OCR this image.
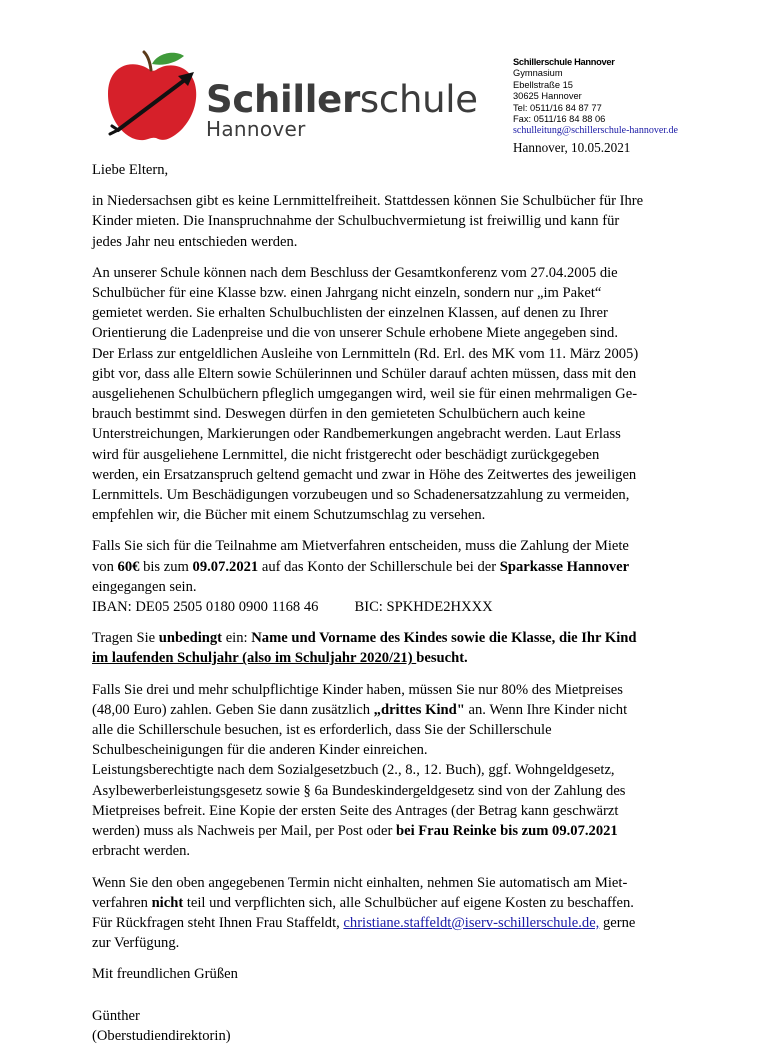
Schillerschule
Hannover
Schillerschule Hannover
Gymnasium
Ebellstraße 15
30625 Hannover
Tel: 0511/16 84 87 77
Fax: 0511/16 84 88 06
schulleitung@schillerschule-hannover.de
Hannover, 10.05.2021

Liebe Eltern,

in Niedersachsen gibt es keine Lernmittelfreiheit. Stattdessen können Sie Schulbücher für Ihre

Kinder mieten. Die Inanspruchnahme der Schulbuchvermietung ist freiwillig und kann für

jedes Jahr neu entschieden werden.

An unserer Schule können nach dem Beschluss der Gesamtkonferenz vom 27.04.2005 die

Schulbücher für eine Klasse bzw. einen Jahrgang nicht einzeln, sondern nur „im Paket“

gemietet werden. Sie erhalten Schulbuchlisten der einzelnen Klassen, auf denen zu Ihrer

Orientierung die Ladenpreise und die von unserer Schule erhobene Miete angegeben sind.

Der Erlass zur entgeldlichen Ausleihe von Lernmitteln (Rd. Erl. des MK vom 11. März 2005)

gibt vor, dass alle Eltern sowie Schülerinnen und Schüler darauf achten müssen, dass mit den

ausgeliehenen Schulbüchern pfleglich umgegangen wird, weil sie für einen mehrmaligen Ge-

brauch bestimmt sind. Deswegen dürfen in den gemieteten Schulbüchern auch keine

Unterstreichungen, Markierungen oder Randbemerkungen angebracht werden. Laut Erlass

wird für ausgeliehene Lernmittel, die nicht fristgerecht oder beschädigt zurückgegeben

werden, ein Ersatzanspruch geltend gemacht und zwar in Höhe des Zeitwertes des jeweiligen

Lernmittels. Um Beschädigungen vorzubeugen und so Schadenersatzzahlung zu vermeiden,

empfehlen wir, die Bücher mit einem Schutzumschlag zu versehen.

Falls Sie sich für die Teilnahme am Mietverfahren entscheiden, muss die Zahlung der Miete

von 60€ bis zum 09.07.2021 auf das Konto der Schillerschule bei der Sparkasse Hannover

eingegangen sein.

IBAN: DE05 2505 0180 0900 1168 46 BIC: SPKHDE2HXXX

Tragen Sie unbedingt ein: Name und Vorname des Kindes sowie die Klasse, die Ihr Kind

im laufenden Schuljahr (also im Schuljahr 2020/21) besucht.

Falls Sie drei und mehr schulpflichtige Kinder haben, müssen Sie nur 80% des Mietpreises

(48,00 Euro) zahlen. Geben Sie dann zusätzlich „drittes Kind" an. Wenn Ihre Kinder nicht

alle die Schillerschule besuchen, ist es erforderlich, dass Sie der Schillerschule

Schulbescheinigungen für die anderen Kinder einreichen.

Leistungsberechtigte nach dem Sozialgesetzbuch (2., 8., 12. Buch), ggf. Wohngeldgesetz,

Asylbewerberleistungsgesetz sowie § 6a Bundeskindergeldgesetz sind von der Zahlung des

Mietpreises befreit. Eine Kopie der ersten Seite des Antrages (der Betrag kann geschwärzt

werden) muss als Nachweis per Mail, per Post oder bei Frau Reinke bis zum 09.07.2021

erbracht werden.

Wenn Sie den oben angegebenen Termin nicht einhalten, nehmen Sie automatisch am Miet-

verfahren nicht teil und verpflichten sich, alle Schulbücher auf eigene Kosten zu beschaffen.

Für Rückfragen steht Ihnen Frau Staffeldt, christiane.staffeldt@iserv-schillerschule.de, gerne

zur Verfügung.

Mit freundlichen Grüßen

Günther

(Oberstudiendirektorin)
